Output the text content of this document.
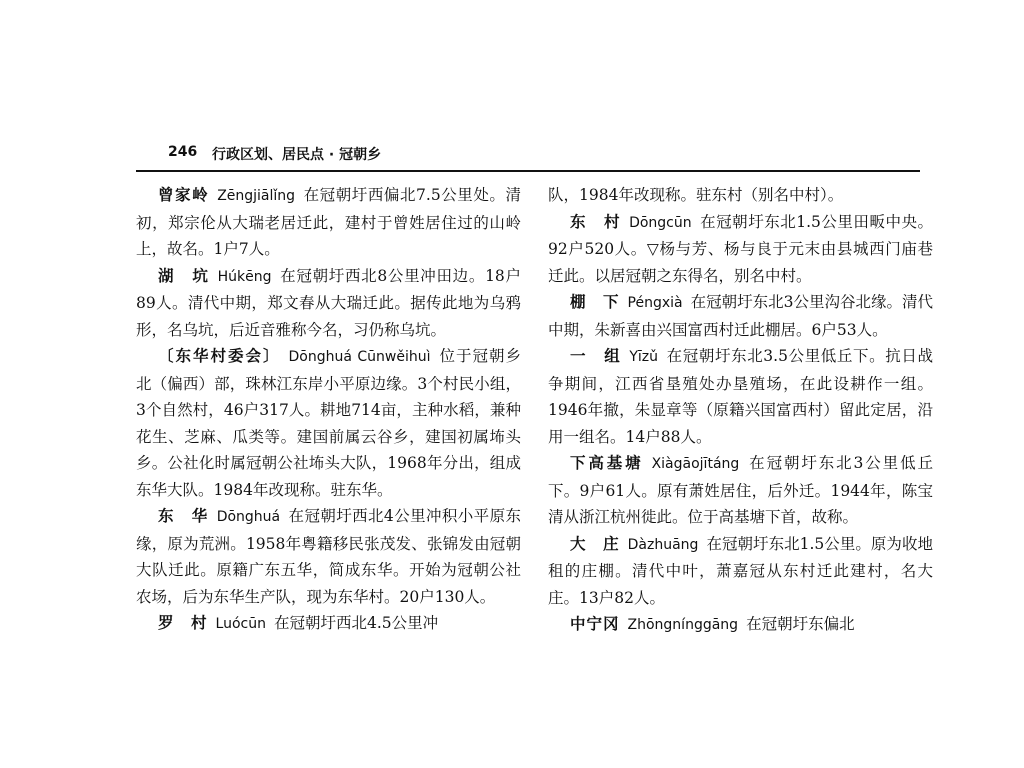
246 行政区划、居民点 · 冠朝乡

曾家岭 Zēngjiālǐng 在冠朝圩西偏北7.5公里处。清初，郑宗伦从大瑞老居迁此，建村于曾姓居住过的山岭上，故名。1户7人。

湖　坑 Húkēng 在冠朝圩西北8公里冲田边。18户89人。清代中期，郑文春从大瑞迁此。据传此地为乌鸦形，名乌坑，后近音雅称今名，习仍称乌坑。

〔东华村委会〕 Dōnghuá Cūnwěihuì 位于冠朝乡北（偏西）部，珠林江东岸小平原边缘。3个村民小组，3个自然村，46户317人。耕地714亩，主种水稻，兼种花生、芝麻、瓜类等。建国前属云谷乡，建国初属㘵头乡。公社化时属冠朝公社㘵头大队，1968年分出，组成东华大队。1984年改现称。驻东华。

东　华 Dōnghuá 在冠朝圩西北4公里冲积小平原东缘，原为荒洲。1958年粤籍移民张茂发、张锦发由冠朝大队迁此。原籍广东五华，简成东华。开始为冠朝公社农场，后为东华生产队，现为东华村。20户130人。

罗　村 Luócūn 在冠朝圩西北4.5公里冲

队，1984年改现称。驻东村（别名中村）。

东　村 Dōngcūn 在冠朝圩东北1.5公里田畈中央。92户520人。▽杨与芳、杨与良于元末由县城西门庙巷迁此。以居冠朝之东得名，别名中村。

棚　下 Péngxià 在冠朝圩东北3公里沟谷北缘。清代中期，朱新喜由兴国富西村迁此棚居。6户53人。

一　组 Yīzǔ 在冠朝圩东北3.5公里低丘下。抗日战争期间，江西省垦殖处办垦殖场，在此设耕作一组。1946年撤，朱显章等（原籍兴国富西村）留此定居，沿用一组名。14户88人。

下高基塘 Xiàgāojītáng 在冠朝圩东北3公里低丘下。9户61人。原有萧姓居住，后外迁。1944年，陈宝清从浙江杭州徙此。位于高基塘下首，故称。

大　庄 Dàzhuāng 在冠朝圩东北1.5公里。原为收地租的庄棚。清代中叶，萧嘉冠从东村迁此建村，名大庄。13户82人。

中宁冈 Zhōngnínggāng 在冠朝圩东偏北
